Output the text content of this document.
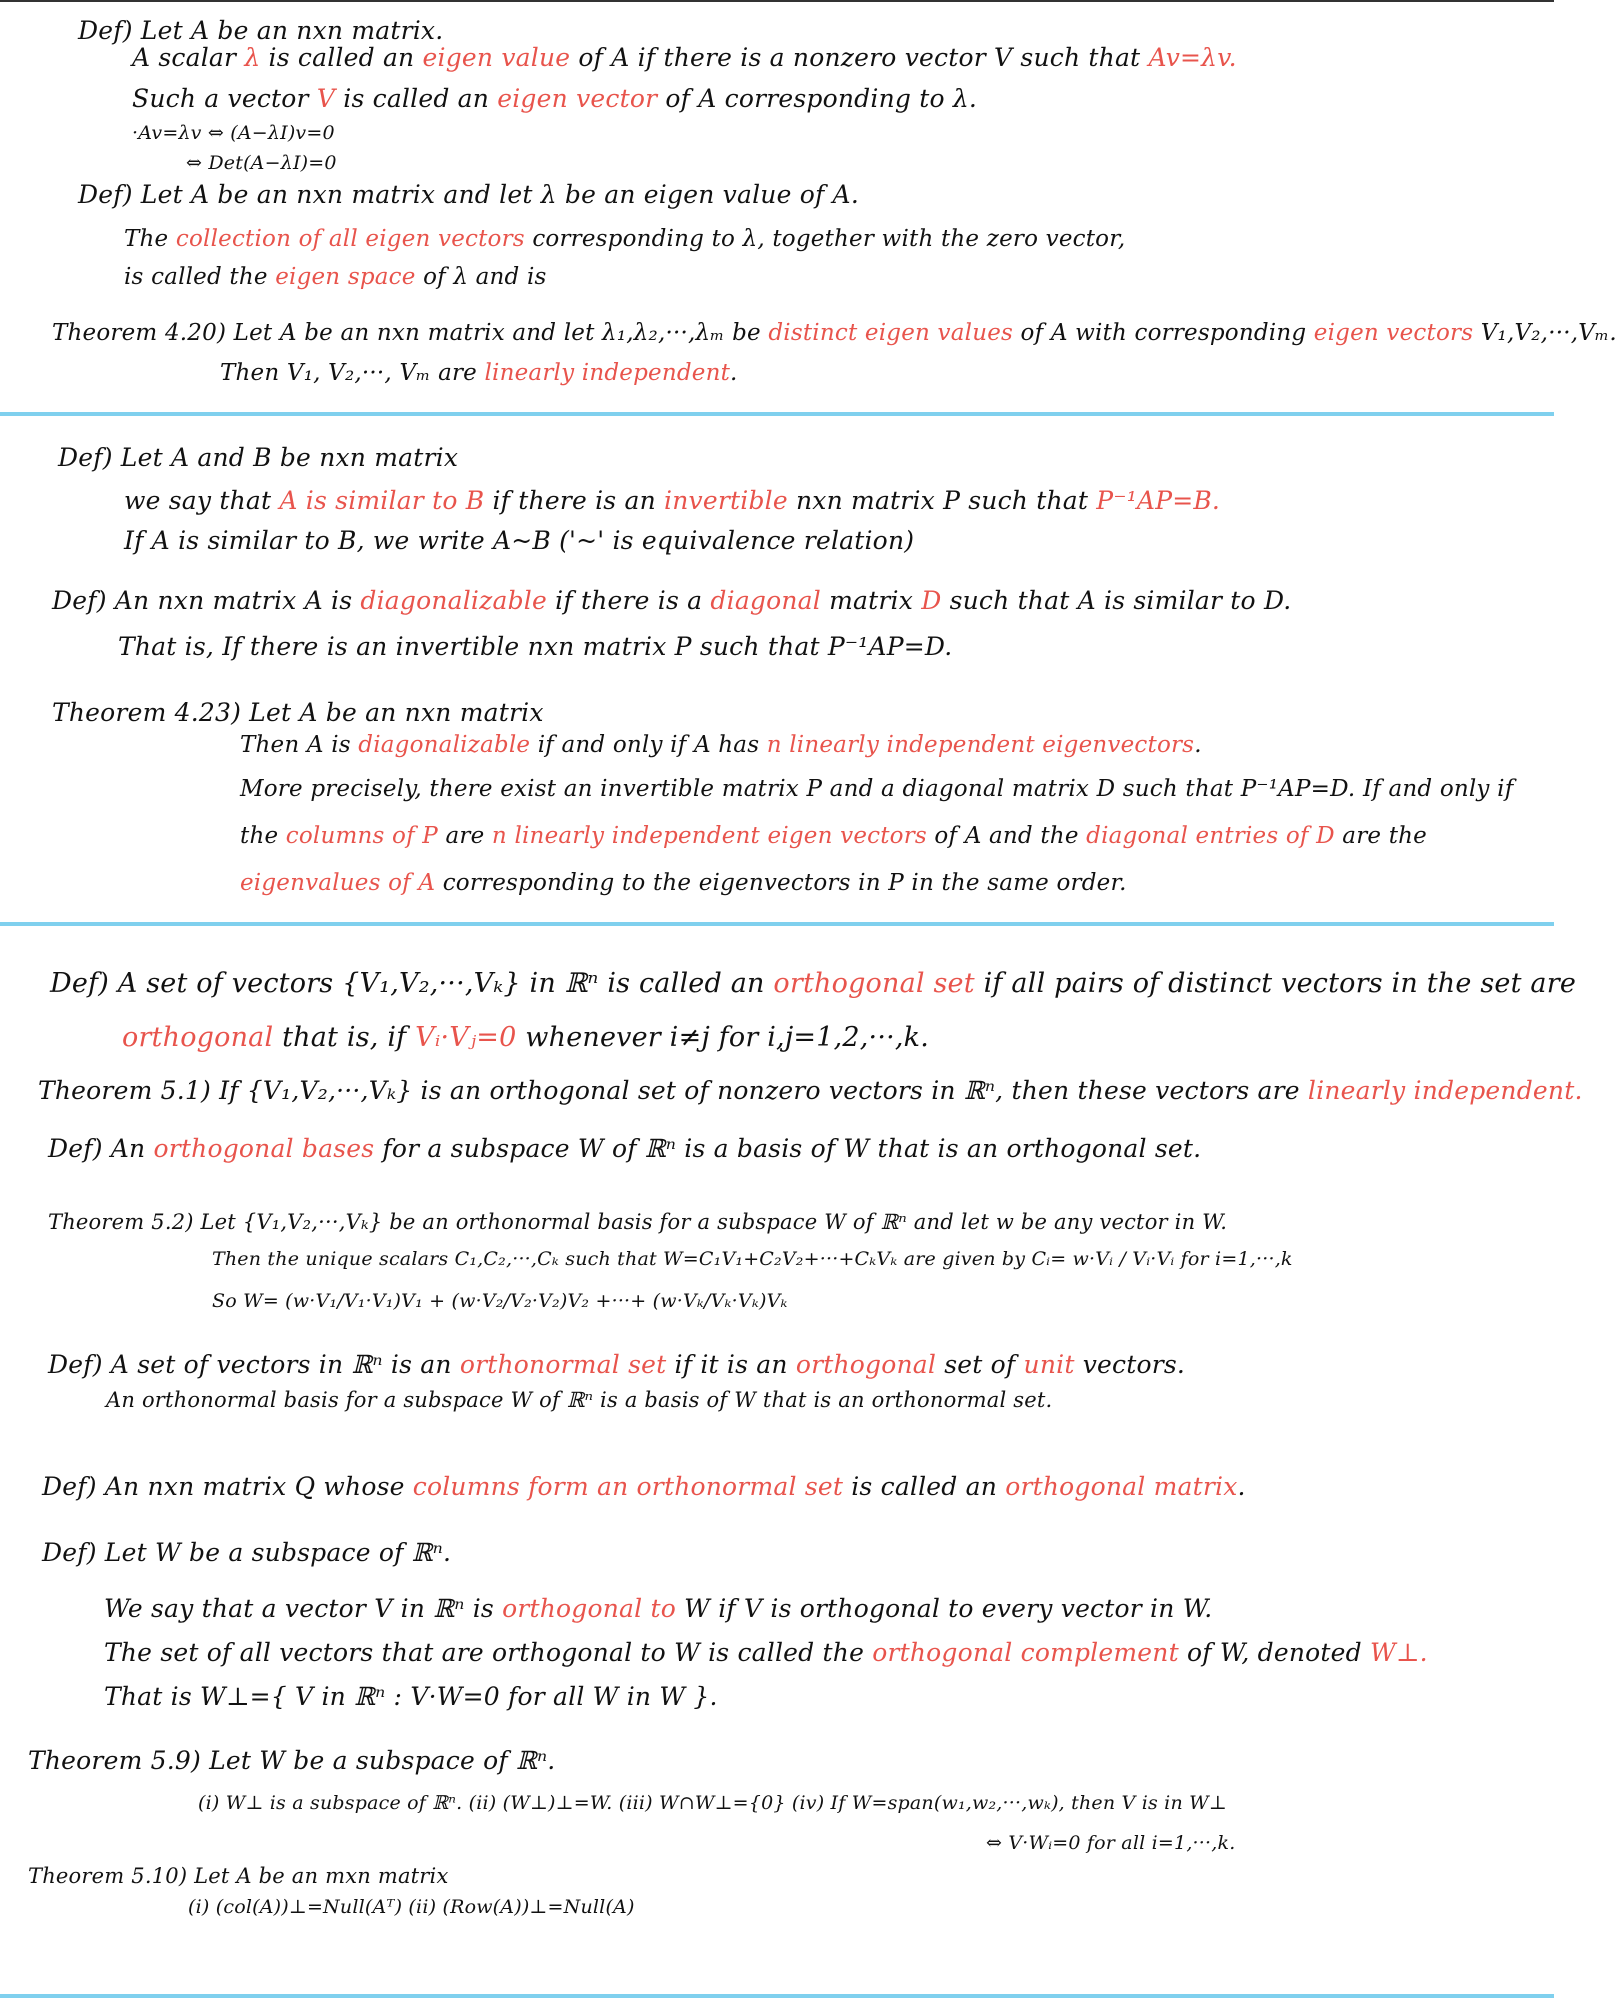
Def) Let A be an nxn matrix.
A scalar λ is called an eigen value of A if there is a nonzero vector V such that Av=λv.
Such a vector V is called an eigen vector of A corresponding to λ.
·Av=λv ⇔ (A−λI)v=0
⇔ Det(A−λI)=0
Def) Let A be an nxn matrix and let λ be an eigen value of A.
The collection of all eigen vectors corresponding to λ, together with the zero vector,
is called the eigen space of λ and is
Theorem 4.20) Let A be an nxn matrix and let λ₁,λ₂,···,λₘ be distinct eigen values of A with corresponding eigen vectors V₁,V₂,···,Vₘ.
Then V₁, V₂,···, Vₘ are linearly independent.
Def) Let A and B be nxn matrix
we say that A is similar to B if there is an invertible nxn matrix P such that P⁻¹AP=B.
If A is similar to B, we write A~B ('~' is equivalence relation)
Def) An nxn matrix A is diagonalizable if there is a diagonal matrix D such that A is similar to D.
That is, If there is an invertible nxn matrix P such that P⁻¹AP=D.
Theorem 4.23) Let A be an nxn matrix
Then A is diagonalizable if and only if A has n linearly independent eigenvectors.
More precisely, there exist an invertible matrix P and a diagonal matrix D such that P⁻¹AP=D. If and only if
the columns of P are n linearly independent eigen vectors of A and the diagonal entries of D are the
eigenvalues of A corresponding to the eigenvectors in P in the same order.
Def) A set of vectors {V₁,V₂,···,Vₖ} in ℝⁿ is called an orthogonal set if all pairs of distinct vectors in the set are
orthogonal that is, if Vᵢ·Vⱼ=0 whenever i≠j for i,j=1,2,···,k.
Theorem 5.1) If {V₁,V₂,···,Vₖ} is an orthogonal set of nonzero vectors in ℝⁿ, then these vectors are linearly independent.
Def) An orthogonal bases for a subspace W of ℝⁿ is a basis of W that is an orthogonal set.
Theorem 5.2) Let {V₁,V₂,···,Vₖ} be an orthonormal basis for a subspace W of ℝⁿ and let w be any vector in W.
Then the unique scalars C₁,C₂,···,Cₖ such that W=C₁V₁+C₂V₂+···+CₖVₖ are given by Cᵢ= w·Vᵢ / Vᵢ·Vᵢ for i=1,···,k
So W= (w·V₁/V₁·V₁)V₁ + (w·V₂/V₂·V₂)V₂ +···+ (w·Vₖ/Vₖ·Vₖ)Vₖ
Def) A set of vectors in ℝⁿ is an orthonormal set if it is an orthogonal set of unit vectors.
An orthonormal basis for a subspace W of ℝⁿ is a basis of W that is an orthonormal set.
Def) An nxn matrix Q whose columns form an orthonormal set is called an orthogonal matrix.
Def) Let W be a subspace of ℝⁿ.
We say that a vector V in ℝⁿ is orthogonal to W if V is orthogonal to every vector in W.
The set of all vectors that are orthogonal to W is called the orthogonal complement of W, denoted W⊥.
That is W⊥={ V in ℝⁿ : V·W=0 for all W in W }.
Theorem 5.9) Let W be a subspace of ℝⁿ.
(i) W⊥ is a subspace of ℝⁿ. (ii) (W⊥)⊥=W. (iii) W∩W⊥={0} (iv) If W=span(w₁,w₂,···,wₖ), then V is in W⊥
⇔ V·Wᵢ=0 for all i=1,···,k.
Theorem 5.10) Let A be an mxn matrix
(i) (col(A))⊥=Null(Aᵀ) (ii) (Row(A))⊥=Null(A)
